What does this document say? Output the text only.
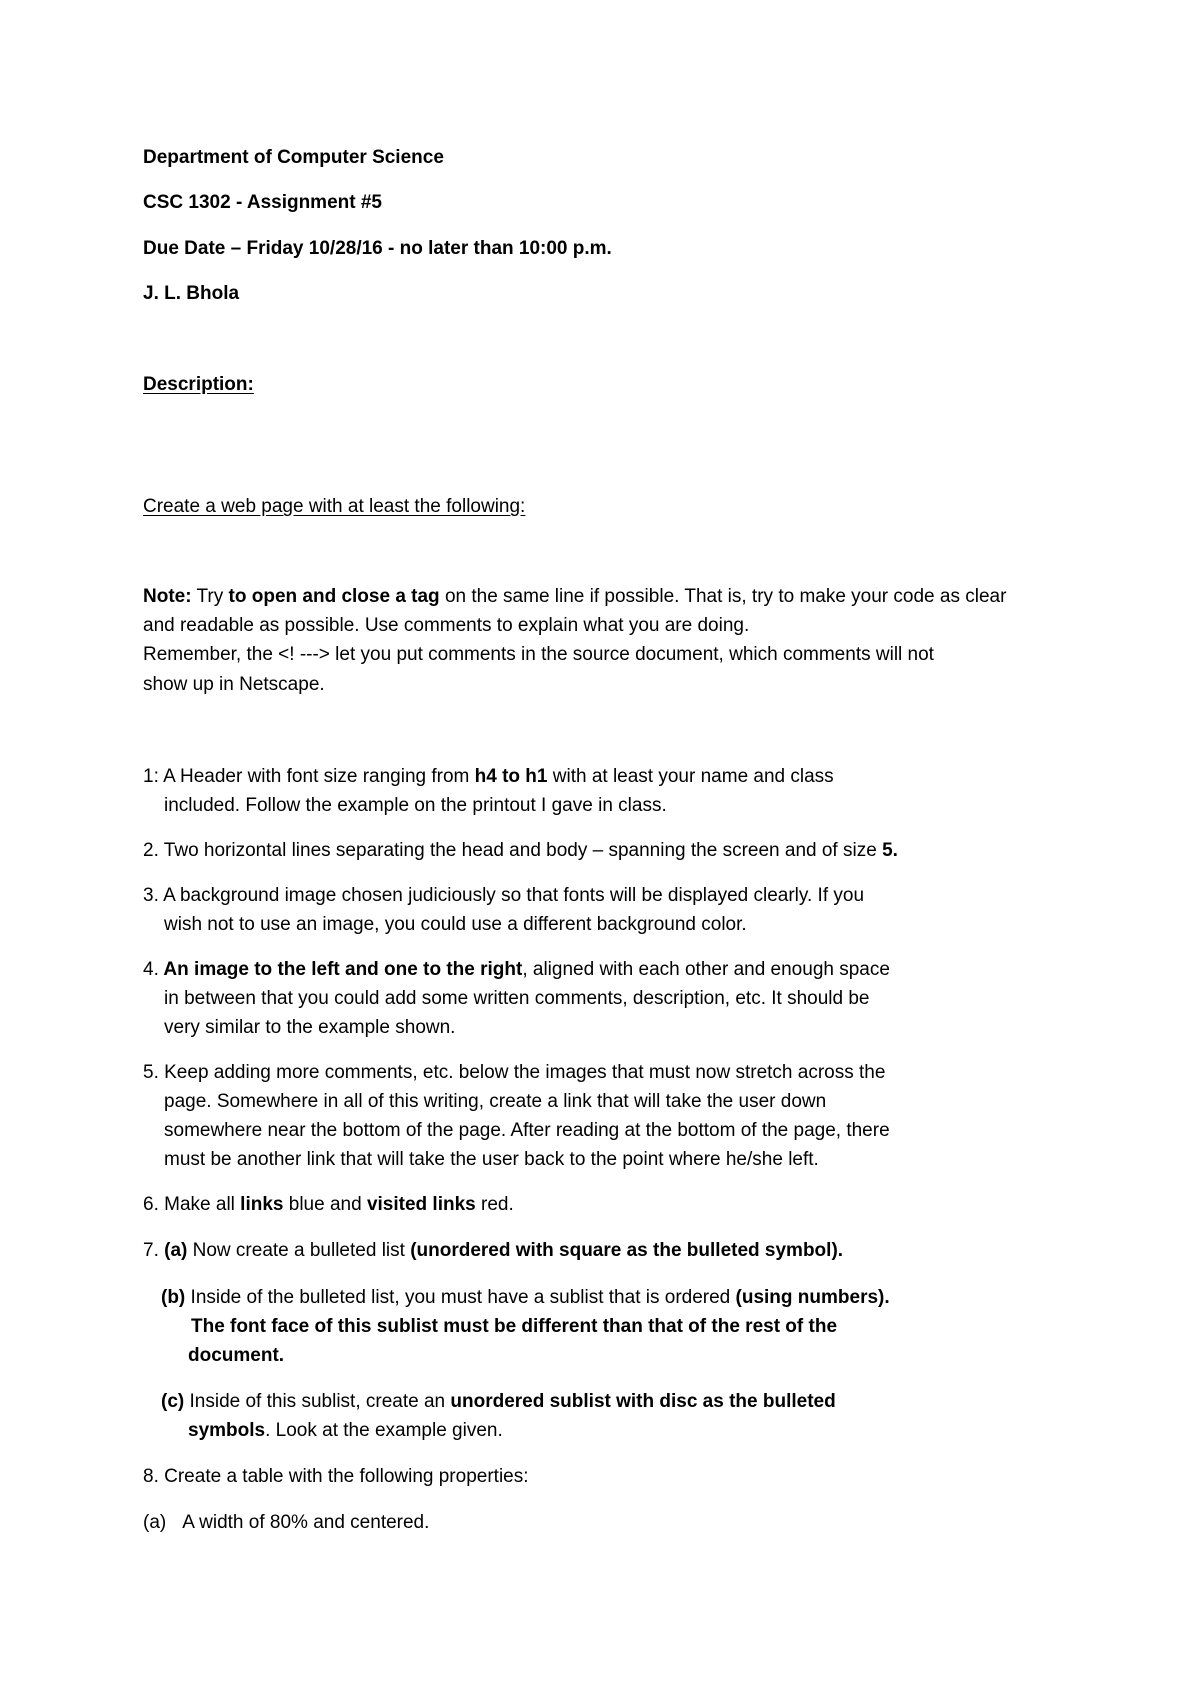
Department of Computer Science
CSC 1302 - Assignment #5
Due Date – Friday 10/28/16 - no later than 10:00 p.m.
J. L. Bhola
Description:
Create a web page with at least the following:
Note: Try to open and close a tag on the same line if possible. That is, try to make your code as clear
and readable as possible. Use comments to explain what you are doing.
Remember, the <! ---> let you put comments in the source document, which comments will not
show up in Netscape.
1: A Header with font size ranging from h4 to h1 with at least your name and class
included. Follow the example on the printout I gave in class.
2. Two horizontal lines separating the head and body – spanning the screen and of size 5.
3. A background image chosen judiciously so that fonts will be displayed clearly. If you
wish not to use an image, you could use a different background color.
4. An image to the left and one to the right, aligned with each other and enough space
in between that you could add some written comments, description, etc. It should be
very similar to the example shown.
5. Keep adding more comments, etc. below the images that must now stretch across the
page. Somewhere in all of this writing, create a link that will take the user down
somewhere near the bottom of the page. After reading at the bottom of the page, there
must be another link that will take the user back to the point where he/she left.
6. Make all links blue and visited links red.
7. (a) Now create a bulleted list (unordered with square as the bulleted symbol).
(b) Inside of the bulleted list, you must have a sublist that is ordered (using numbers).
The font face of this sublist must be different than that of the rest of the
document.
(c) Inside of this sublist, create an unordered sublist with disc as the bulleted
symbols. Look at the example given.
8. Create a table with the following properties:
(a) A width of 80% and centered.
